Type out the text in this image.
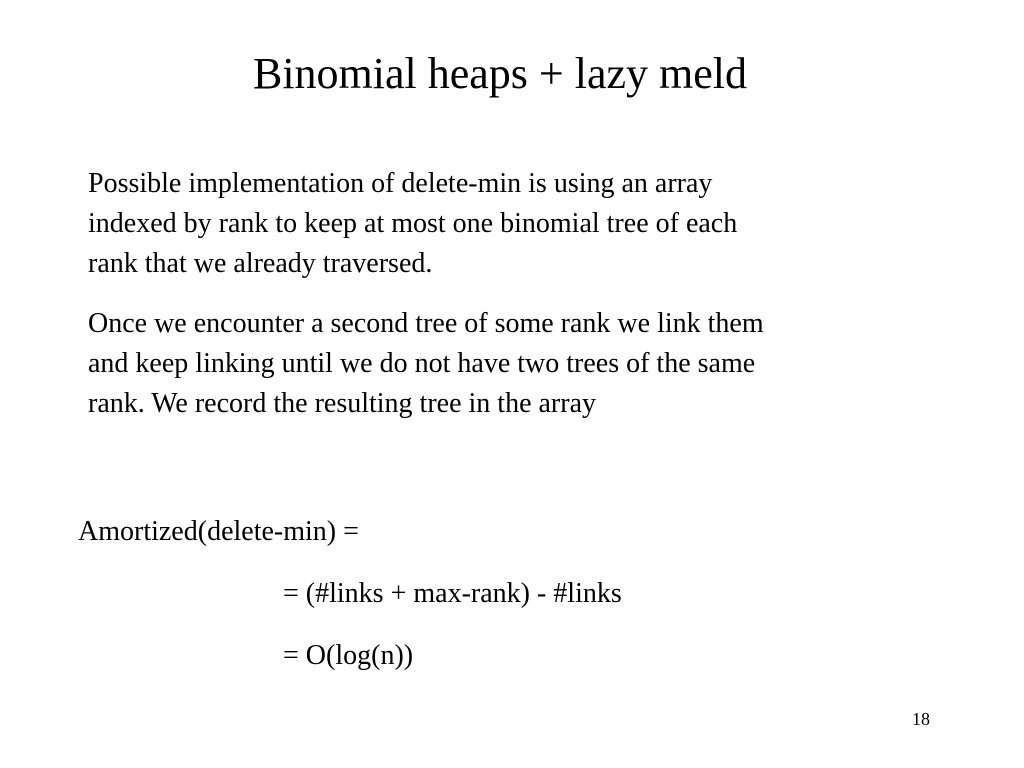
Binomial heaps + lazy meld

Possible implementation of delete-min is using an array
indexed by rank to keep at most one binomial tree of each
rank that we already traversed.

Once we encounter a second tree of some rank we link them
and keep linking until we do not have two trees of the same
rank. We record the resulting tree in the array

Amortized(delete-min) =
= (#links + max-rank) - #links
= O(log(n))
18
